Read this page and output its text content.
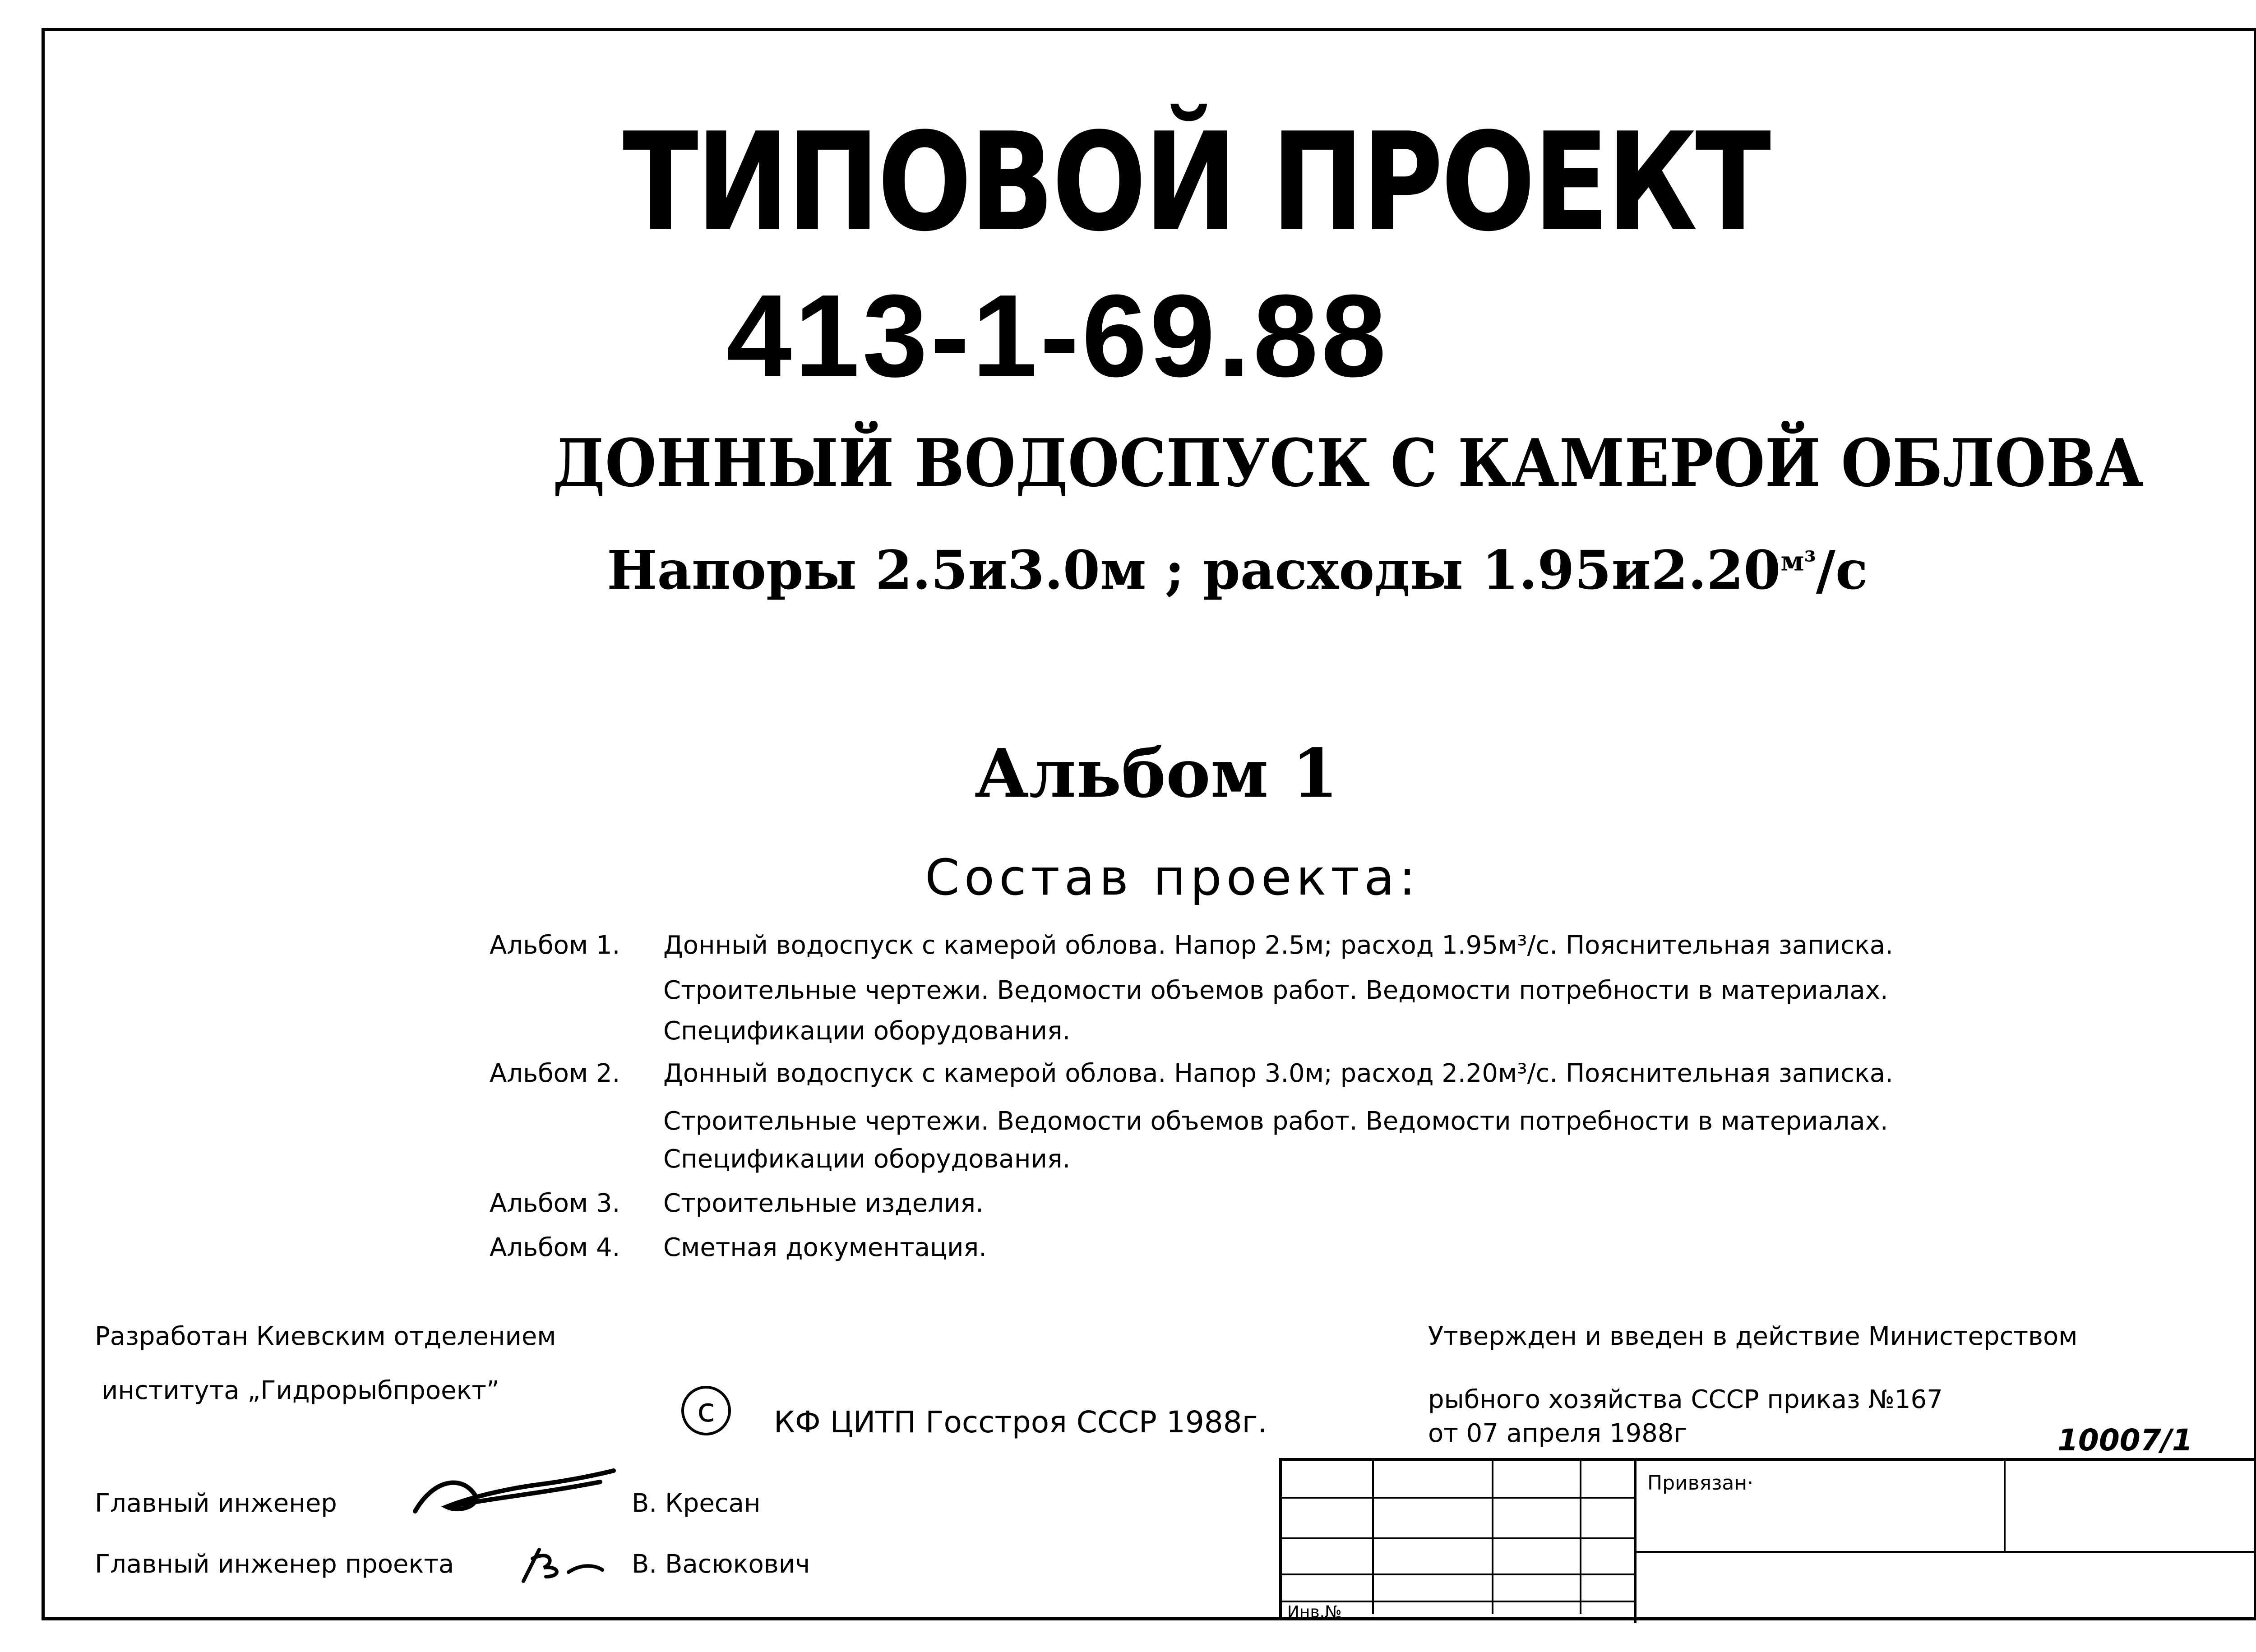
ТИПОВОЙ ПРОЕКТ
413-1-69.88
ДОННЫЙ ВОДОСПУСК С КАМЕРОЙ ОБЛОВА
Напоры 2.5и3.0м ; расходы $1.95и2.20^{м^3}/с$
Альбом 1
Состав проекта:
Альбом 1. Донный водоспуск с камерой облова. Напор 2.5м; расход 1.95м³/с. Пояснительная записка.
Строительные чертежи. Ведомости объемов работ. Ведомости потребности в материалах.
Спецификации оборудования.
Альбом 2. Донный водоспуск с камерой облова. Напор 3.0м; расход 2.20м³/с. Пояснительная записка.
Строительные чертежи. Ведомости объемов работ. Ведомости потребности в материалах.
Спецификации оборудования.
Альбом 3. Строительные изделия.
Альбом 4. Сметная документация.
Разработан Киевским отделением
института „Гидрорыбпроект”
c	КФ ЦИТП Госстроя СССР 1988г.
Утвержден и введен в действие Министерством
рыбного хозяйства СССР приказ №167
от 07 апреля 1988г	10007/1
Главный инженер	В. Кресан
Главный инженер проекта	В. Васюкович
Привязан·
Инв.№
